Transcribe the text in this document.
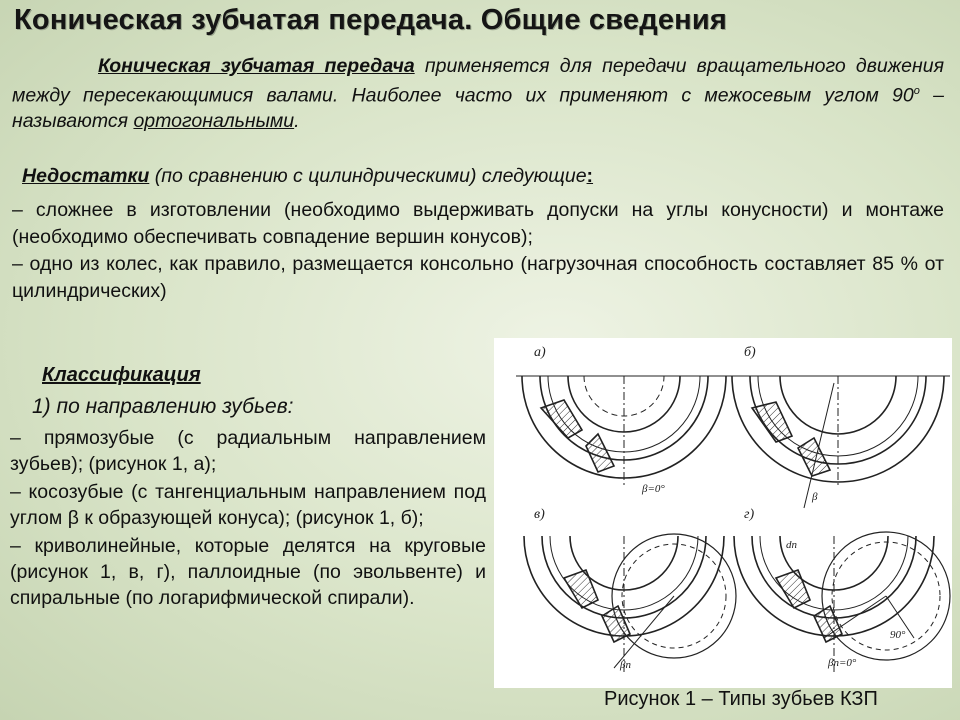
Коническая зубчатая передача. Общие сведения
Коническая зубчатая передача применяется для передачи вращательного движения между пересекающимися валами. Наиболее часто их применяют с межосевым углом $90^о$ – называются ортогональными.
Недостатки (по сравнению с цилиндрическими) следующие:

– сложнее в изготовлении (необходимо выдерживать допуски на углы конусности) и монтаже (необходимо обеспечивать совпадение вершин конусов);

– одно из колес, как правило, размещается консольно (нагрузочная способность составляет 85 % от цилиндрических)

Классификация
1) по направлению зубьев:

– прямозубые (с радиальным направлением зубьев); (рисунок 1, а);

– косозубые (с тангенциальным направлением под углом β к образующей конуса); (рисунок 1, б);

– криволинейные, которые делятся на круговые (рисунок 1, в, г), паллоидные (по эвольвенте) и спиральные (по логарифмической спирали).

а)	б)
в)	г)
β=0°
β
βп	βп=0°
90°
dп
Рисунок 1 – Типы зубьев КЗП
